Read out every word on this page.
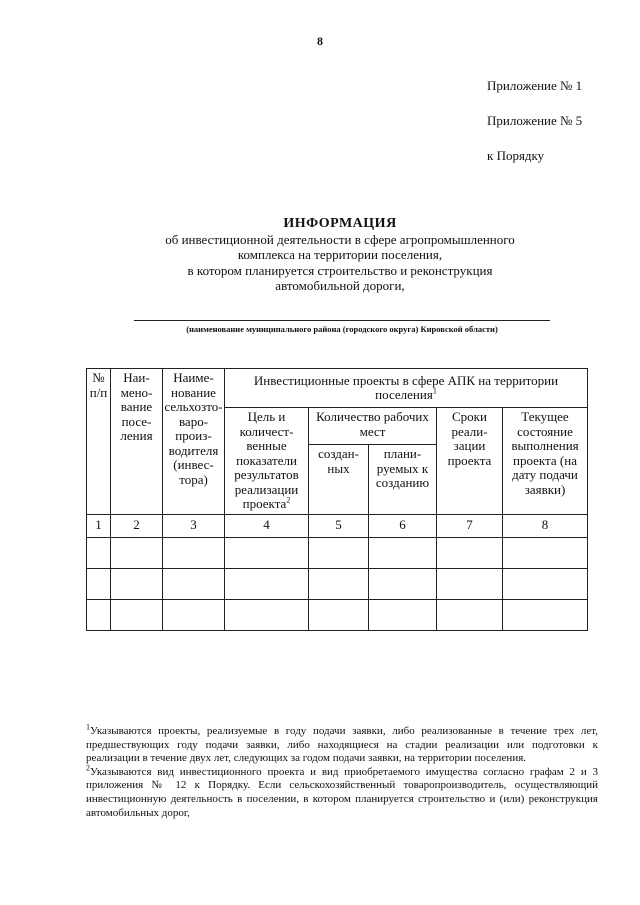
8
Приложение № 1
Приложение № 5
к Порядку
ИНФОРМАЦИЯ
об инвестиционной деятельности в сфере агропромышленного
комплекса на территории поселения,
в котором планируется строительство и реконструкция
автомобильной дороги,
(наименование муниципального района (городского округа) Кировской области)
№ п/п	Наименование поселения	Наименование сельхозтоваропроизводителя (инвестора)	Инвестиционные проекты в сфере АПК на территории поселения$^1$
			Цель и количественные показатели результатов реализации проекта$^2$	Количество рабочих мест		Сроки реализации проекта	Текущее состояние выполнения проекта (на дату подачи заявки)
				созданных	планируемых к созданию		
1	2	3	4	5	6	7	8

$^1$Указываются проекты, реализуемые в году подачи заявки, либо реализованные в течение трех лет, предшествующих году подачи заявки, либо находящиеся на стадии реализации или подготовки к реализации в течение двух лет, следующих за годом подачи заявки, на территории поселения.

$^2$Указываются вид инвестиционного проекта и вид приобретаемого имущества согласно графам 2 и 3 приложения № 12 к Порядку. Если сельскохозяйственный товаропроизводитель, осуществляющий инвестиционную деятельность в поселении, в котором планируется строительство и (или) реконструкция автомобильных дорог,
